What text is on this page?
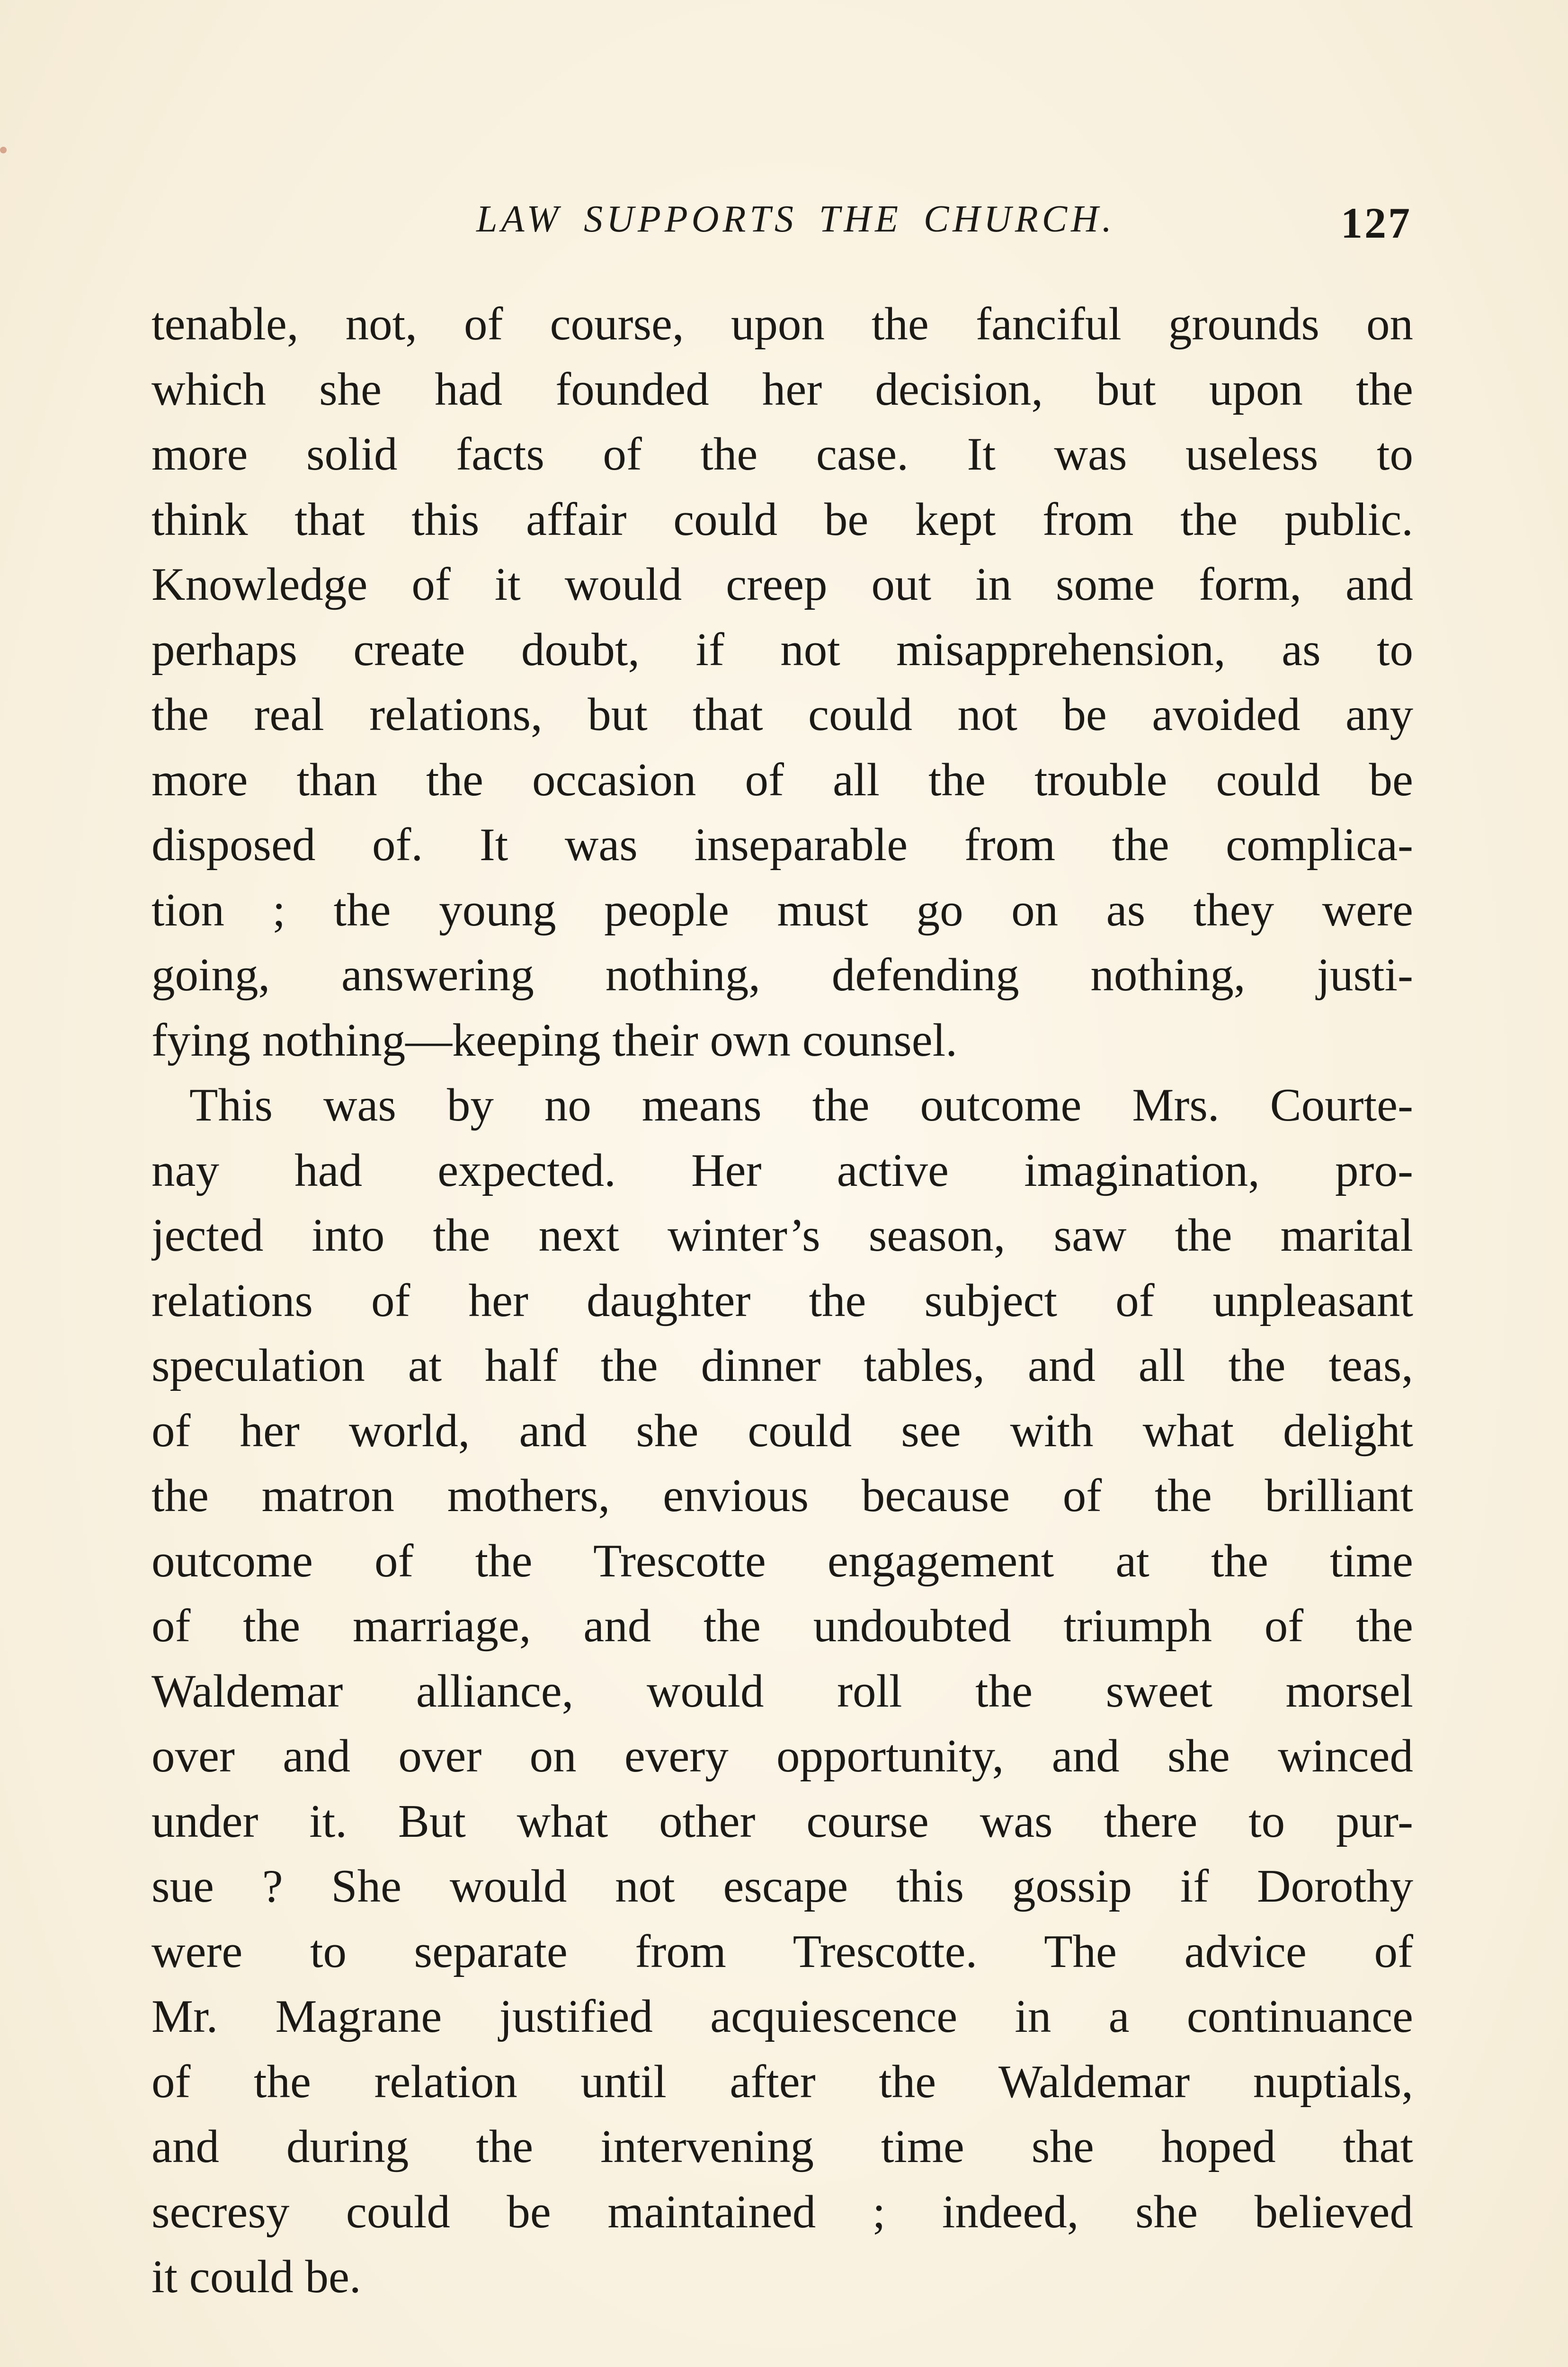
LAW SUPPORTS THE CHURCH.	127
tenable, not, of course, upon the fanciful grounds on
which she had founded her decision, but upon the
more solid facts of the case. It was useless to
think that this affair could be kept from the public.
Knowledge of it would creep out in some form, and
perhaps create doubt, if not misapprehension, as to
the real relations, but that could not be avoided any
more than the occasion of all the trouble could be
disposed of. It was inseparable from the complica-
tion ; the young people must go on as they were
going, answering nothing, defending nothing, justi-
fying nothing—keeping their own counsel.
This was by no means the outcome Mrs. Courte-
nay had expected. Her active imagination, pro-
jected into the next winter’s season, saw the marital
relations of her daughter the subject of unpleasant
speculation at half the dinner tables, and all the teas,
of her world, and she could see with what delight
the matron mothers, envious because of the brilliant
outcome of the Trescotte engagement at the time
of the marriage, and the undoubted triumph of the
Waldemar alliance, would roll the sweet morsel
over and over on every opportunity, and she winced
under it. But what other course was there to pur-
sue ? She would not escape this gossip if Dorothy
were to separate from Trescotte. The advice of
Mr. Magrane justified acquiescence in a continuance
of the relation until after the Waldemar nuptials,
and during the intervening time she hoped that
secresy could be maintained ; indeed, she believed
it could be.
